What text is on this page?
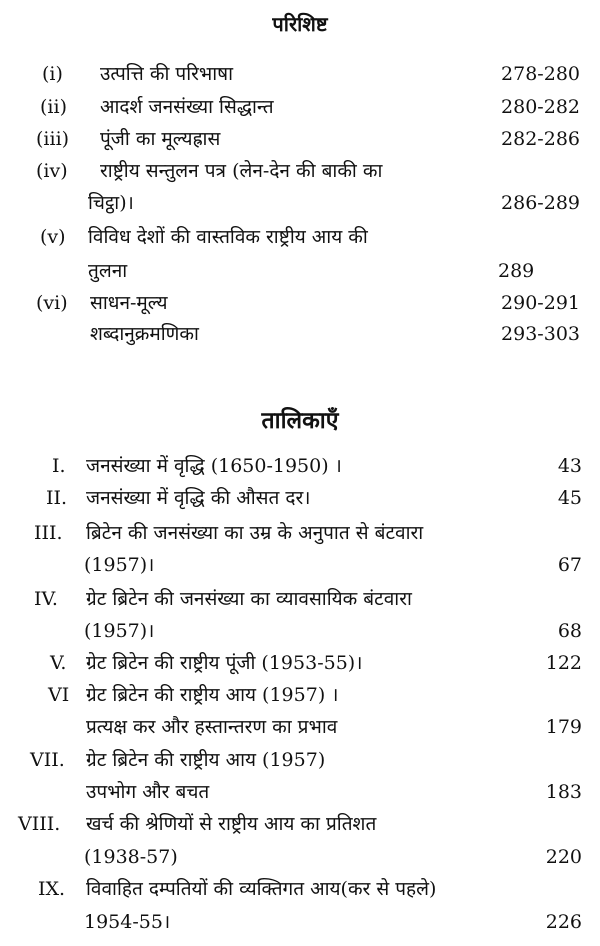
परिशिष्ट
(i) उत्पत्ति की परिभाषा	278-280
(ii) आदर्श जनसंख्या सिद्धान्त	280-282
(iii) पूंजी का मूल्यह्रास	282-286
(iv) राष्ट्रीय सन्तुलन पत्र (लेन-देन की बाकी का
चिट्ठा)।	286-289
(v) विविध देशों की वास्तविक राष्ट्रीय आय की
तुलना	289
(vi) साधन-मूल्य	290-291
शब्दानुक्रमणिका	293-303
तालिकाएँ
I. जनसंख्या में वृद्धि (1650-1950) ।	43
II. जनसंख्या में वृद्धि की औसत दर।	45
III. ब्रिटेन की जनसंख्या का उम्र के अनुपात से बंटवारा
(1957)।	67
IV. ग्रेट ब्रिटेन की जनसंख्या का व्यावसायिक बंटवारा
(1957)।	68
V. ग्रेट ब्रिटेन की राष्ट्रीय पूंजी (1953-55)।	122
VI ग्रेट ब्रिटेन की राष्ट्रीय आय (1957) ।
प्रत्यक्ष कर और हस्तान्तरण का प्रभाव	179
VII. ग्रेट ब्रिटेन की राष्ट्रीय आय (1957)
उपभोग और बचत	183
VIII. खर्च की श्रेणियों से राष्ट्रीय आय का प्रतिशत
(1938-57)	220
IX. विवाहित दम्पतियों की व्यक्तिगत आय(कर से पहले)
1954-55।	226
